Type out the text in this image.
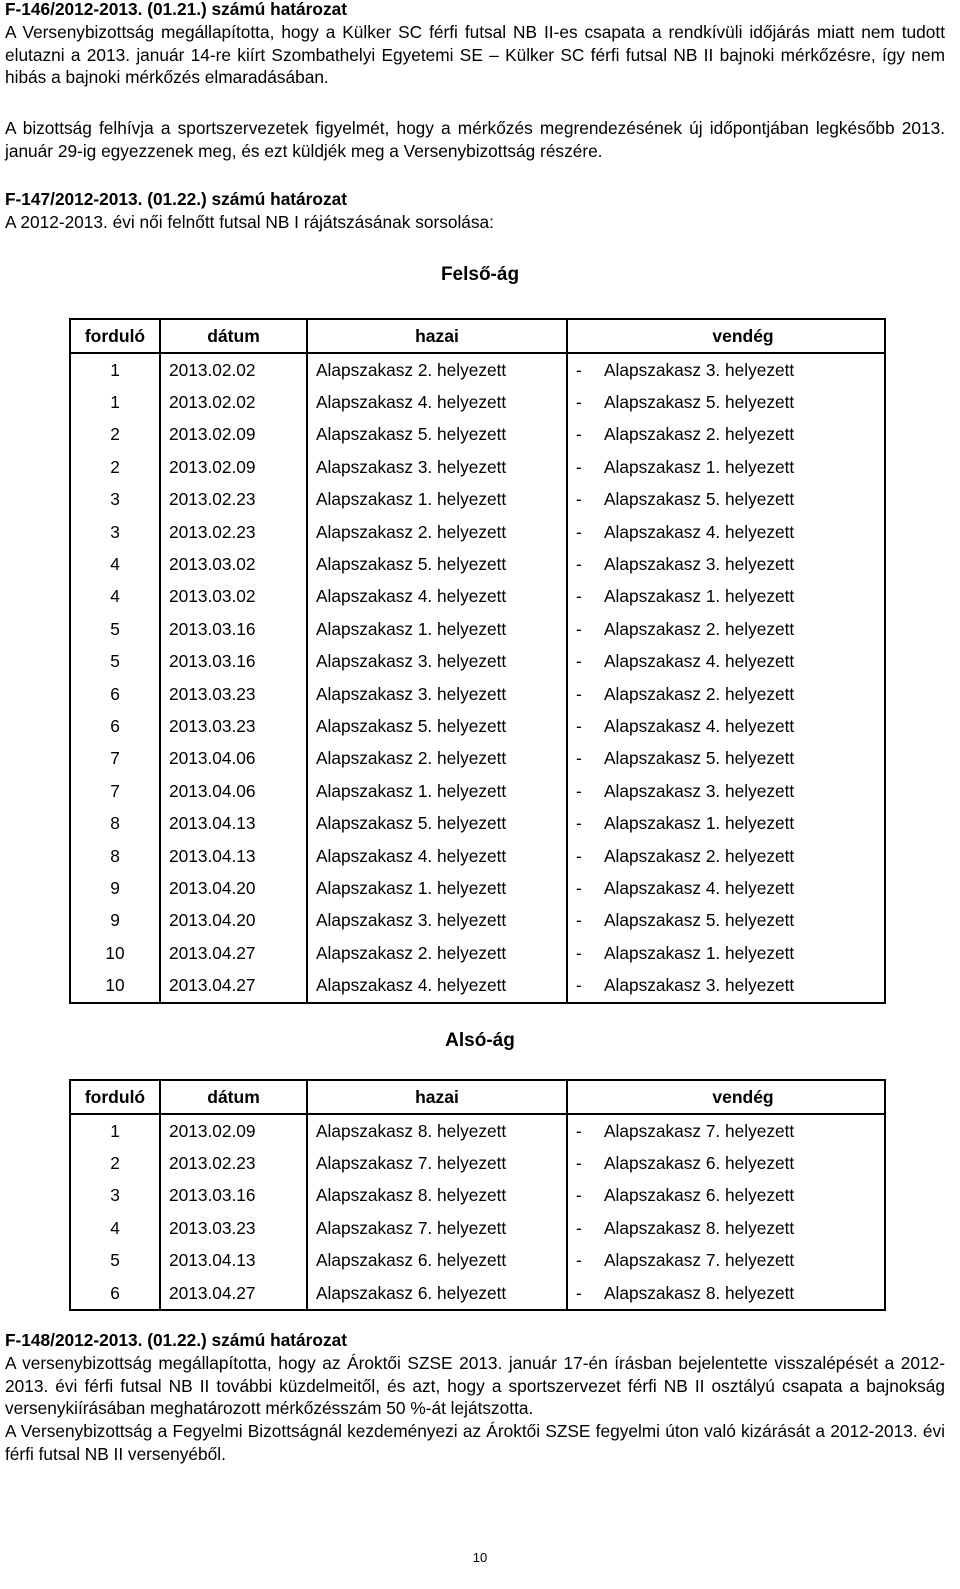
F-146/2012-2013. (01.21.) számú határozat

A Versenybizottság megállapította, hogy a Külker SC férfi futsal NB II-es csapata a rendkívüli időjárás miatt nem tudott elutazni a 2013. január 14-re kiírt Szombathelyi Egyetemi SE – Külker SC férfi futsal NB II bajnoki mérkőzésre, így nem hibás a bajnoki mérkőzés elmaradásában.

A bizottság felhívja a sportszervezetek figyelmét, hogy a mérkőzés megrendezésének új időpontjában legkésőbb 2013. január 29-ig egyezzenek meg, és ezt küldjék meg a Versenybizottság részére.

F-147/2012-2013. (01.22.) számú határozat

A 2012-2013. évi női felnőtt futsal NB I rájátszásának sorsolása:

Felső-ág
forduló	dátum	hazai		vendég
1	2013.02.02	Alapszakasz 2. helyezett	-	Alapszakasz 3. helyezett
1	2013.02.02	Alapszakasz 4. helyezett	-	Alapszakasz 5. helyezett
2	2013.02.09	Alapszakasz 5. helyezett	-	Alapszakasz 2. helyezett
2	2013.02.09	Alapszakasz 3. helyezett	-	Alapszakasz 1. helyezett
3	2013.02.23	Alapszakasz 1. helyezett	-	Alapszakasz 5. helyezett
3	2013.02.23	Alapszakasz 2. helyezett	-	Alapszakasz 4. helyezett
4	2013.03.02	Alapszakasz 5. helyezett	-	Alapszakasz 3. helyezett
4	2013.03.02	Alapszakasz 4. helyezett	-	Alapszakasz 1. helyezett
5	2013.03.16	Alapszakasz 1. helyezett	-	Alapszakasz 2. helyezett
5	2013.03.16	Alapszakasz 3. helyezett	-	Alapszakasz 4. helyezett
6	2013.03.23	Alapszakasz 3. helyezett	-	Alapszakasz 2. helyezett
6	2013.03.23	Alapszakasz 5. helyezett	-	Alapszakasz 4. helyezett
7	2013.04.06	Alapszakasz 2. helyezett	-	Alapszakasz 5. helyezett
7	2013.04.06	Alapszakasz 1. helyezett	-	Alapszakasz 3. helyezett
8	2013.04.13	Alapszakasz 5. helyezett	-	Alapszakasz 1. helyezett
8	2013.04.13	Alapszakasz 4. helyezett	-	Alapszakasz 2. helyezett
9	2013.04.20	Alapszakasz 1. helyezett	-	Alapszakasz 4. helyezett
9	2013.04.20	Alapszakasz 3. helyezett	-	Alapszakasz 5. helyezett
10	2013.04.27	Alapszakasz 2. helyezett	-	Alapszakasz 1. helyezett
10	2013.04.27	Alapszakasz 4. helyezett	-	Alapszakasz 3. helyezett
Alsó-ág
forduló	dátum	hazai		vendég
1	2013.02.09	Alapszakasz 8. helyezett	-	Alapszakasz 7. helyezett
2	2013.02.23	Alapszakasz 7. helyezett	-	Alapszakasz 6. helyezett
3	2013.03.16	Alapszakasz 8. helyezett	-	Alapszakasz 6. helyezett
4	2013.03.23	Alapszakasz 7. helyezett	-	Alapszakasz 8. helyezett
5	2013.04.13	Alapszakasz 6. helyezett	-	Alapszakasz 7. helyezett
6	2013.04.27	Alapszakasz 6. helyezett	-	Alapszakasz 8. helyezett

F-148/2012-2013. (01.22.) számú határozat

A versenybizottság megállapította, hogy az Ároktői SZSE 2013. január 17-én írásban bejelentette visszalépését a 2012-2013. évi férfi futsal NB II további küzdelmeitől, és azt, hogy a sportszervezet férfi NB II osztályú csapata a bajnokság versenykiírásában meghatározott mérkőzésszám 50 %-át lejátszotta.

A Versenybizottság a Fegyelmi Bizottságnál kezdeményezi az Ároktői SZSE fegyelmi úton való kizárását a 2012-2013. évi férfi futsal NB II versenyéből.

10
